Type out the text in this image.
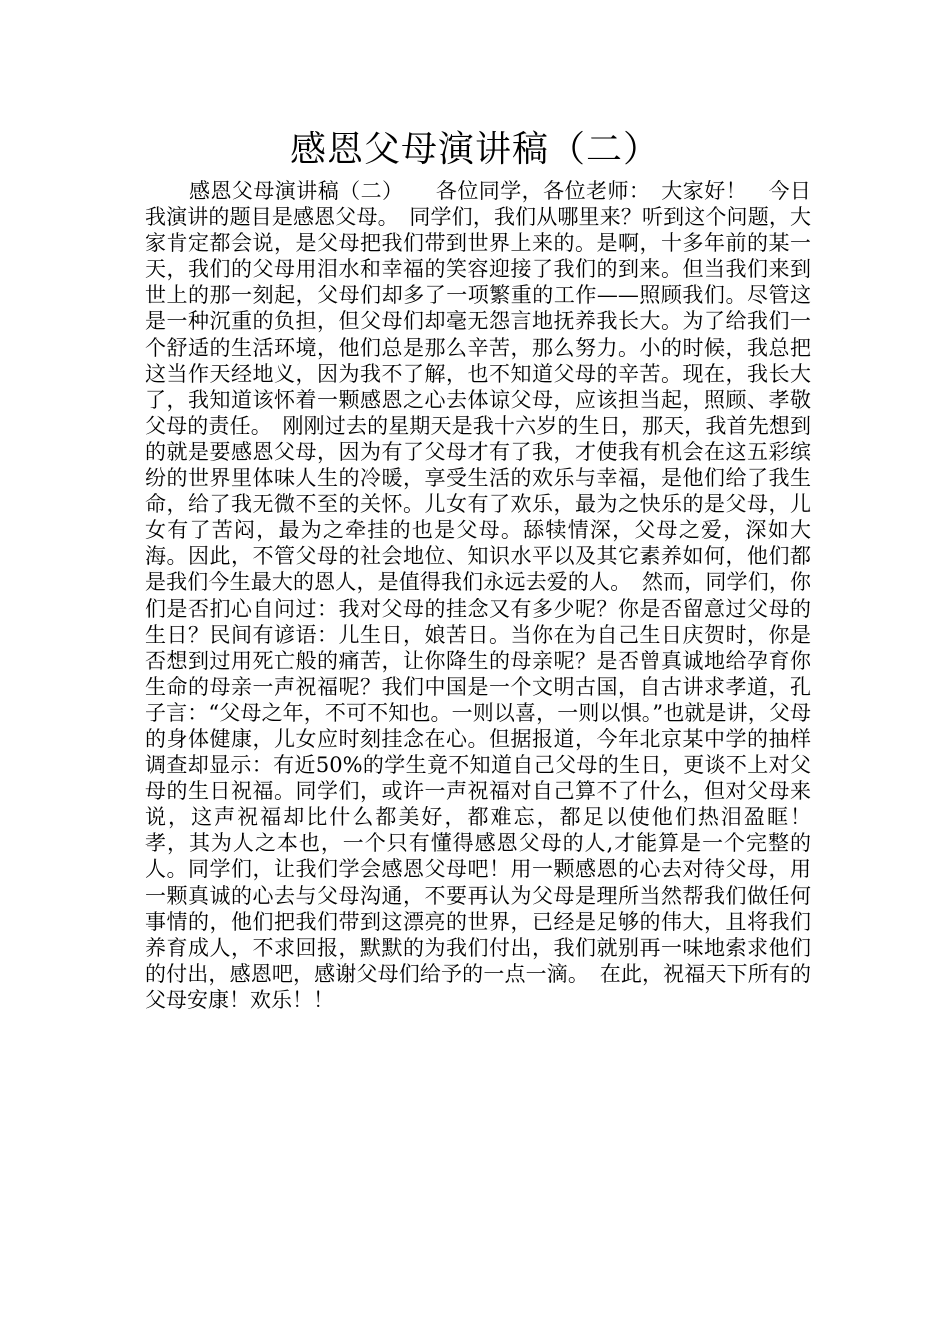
感恩父母演讲稿（二）

感恩父母演讲稿（二）　　各位同学，各位老师：　大家好！　今日我演讲的题目是感恩父母。　同学们，我们从哪里来？听到这个问题，大家肯定都会说，是父母把我们带到世界上来的。是啊，十多年前的某一天，我们的父母用泪水和幸福的笑容迎接了我们的到来。但当我们来到世上的那一刻起，父母们却多了一项繁重的工作——照顾我们。尽管这是一种沉重的负担，但父母们却毫无怨言地抚养我长大。为了给我们一个舒适的生活环境，他们总是那么辛苦，那么努力。小的时候，我总把这当作天经地义，因为我不了解，也不知道父母的辛苦。现在，我长大了，我知道该怀着一颗感恩之心去体谅父母，应该担当起，照顾、孝敬父母的责任。　刚刚过去的星期天是我十六岁的生日，那天，我首先想到的就是要感恩父母，因为有了父母才有了我，才使我有机会在这五彩缤纷的世界里体味人生的冷暖，享受生活的欢乐与幸福，是他们给了我生命，给了我无微不至的关怀。儿女有了欢乐，最为之快乐的是父母，儿女有了苦闷，最为之牵挂的也是父母。舔犊情深，父母之爱，深如大海。因此，不管父母的社会地位、知识水平以及其它素养如何，他们都是我们今生最大的恩人，是值得我们永远去爱的人。　然而，同学们，你们是否扪心自问过：我对父母的挂念又有多少呢？你是否留意过父母的生日？民间有谚语：儿生日，娘苦日。当你在为自己生日庆贺时，你是否想到过用死亡般的痛苦，让你降生的母亲呢？是否曾真诚地给孕育你生命的母亲一声祝福呢？我们中国是一个文明古国，自古讲求孝道，孔子言：“父母之年，不可不知也。一则以喜，一则以惧。”也就是讲，父母的身体健康，儿女应时刻挂念在心。但据报道，今年北京某中学的抽样调查却显示：有近50%的学生竟不知道自己父母的生日，更谈不上对父母的生日祝福。同学们，或许一声祝福对自己算不了什么，但对父母来说，这声祝福却比什么都美好，都难忘，都足以使他们热泪盈眶！　孝，其为人之本也，一个只有懂得感恩父母的人,才能算是一个完整的人。同学们，让我们学会感恩父母吧！用一颗感恩的心去对待父母，用一颗真诚的心去与父母沟通，不要再认为父母是理所当然帮我们做任何事情的，他们把我们带到这漂亮的世界，已经是足够的伟大，且将我们养育成人，不求回报，默默的为我们付出，我们就别再一味地索求他们的付出，感恩吧，感谢父母们给予的一点一滴。　在此，祝福天下所有的父母安康！欢乐！！
